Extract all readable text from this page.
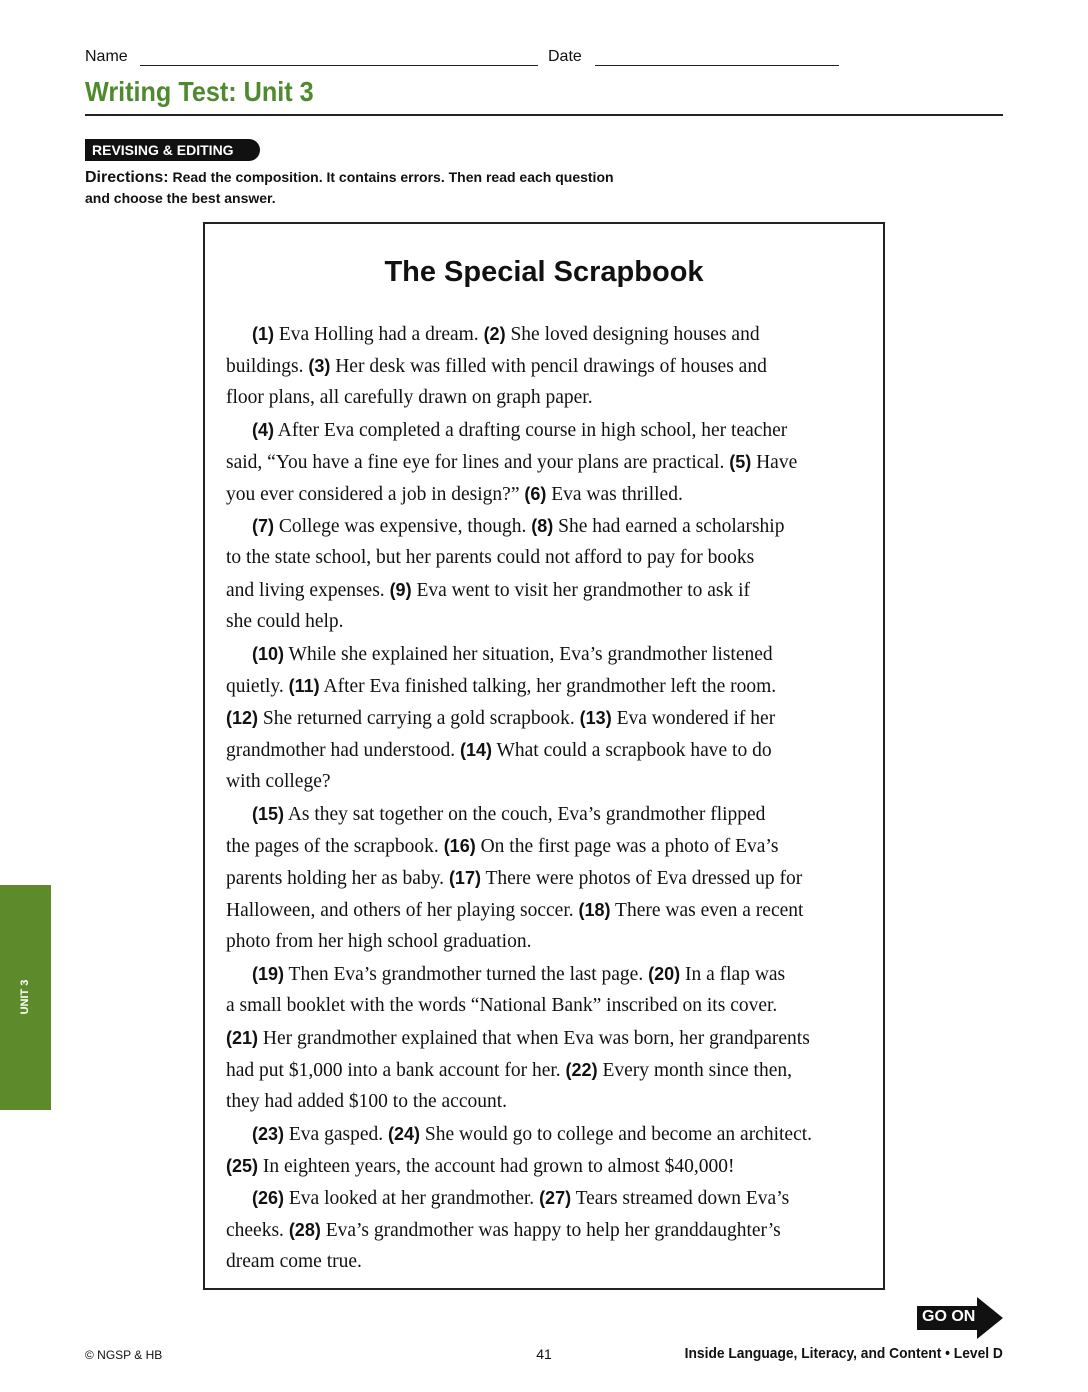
Name	Date
Writing Test: Unit 3
REVISING & EDITING
Directions: Read the composition. It contains errors. Then read each question
and choose the best answer.
The Special Scrapbook
(1) Eva Holling had a dream. (2) She loved designing houses and
buildings. (3) Her desk was filled with pencil drawings of houses and
floor plans, all carefully drawn on graph paper.
(4) After Eva completed a drafting course in high school, her teacher
said, “You have a fine eye for lines and your plans are practical. (5) Have
you ever considered a job in design?” (6) Eva was thrilled.
(7) College was expensive, though. (8) She had earned a scholarship
to the state school, but her parents could not afford to pay for books
and living expenses. (9) Eva went to visit her grandmother to ask if
she could help.
(10) While she explained her situation, Eva’s grandmother listened
quietly. (11) After Eva finished talking, her grandmother left the room.
(12) She returned carrying a gold scrapbook. (13) Eva wondered if her
grandmother had understood. (14) What could a scrapbook have to do
with college?
(15) As they sat together on the couch, Eva’s grandmother flipped
the pages of the scrapbook. (16) On the first page was a photo of Eva’s
parents holding her as baby. (17) There were photos of Eva dressed up for
Halloween, and others of her playing soccer. (18) There was even a recent
photo from her high school graduation.
(19) Then Eva’s grandmother turned the last page. (20) In a flap was
a small booklet with the words “National Bank” inscribed on its cover.
(21) Her grandmother explained that when Eva was born, her grandparents
had put $1,000 into a bank account for her. (22) Every month since then,
they had added $100 to the account.
(23) Eva gasped. (24) She would go to college and become an architect.
(25) In eighteen years, the account had grown to almost $40,000!
(26) Eva looked at her grandmother. (27) Tears streamed down Eva’s
cheeks. (28) Eva’s grandmother was happy to help her granddaughter’s
dream come true.
UNIT 3
GO ON
© NGSP & HB	41	Inside Language, Literacy, and Content • Level D
